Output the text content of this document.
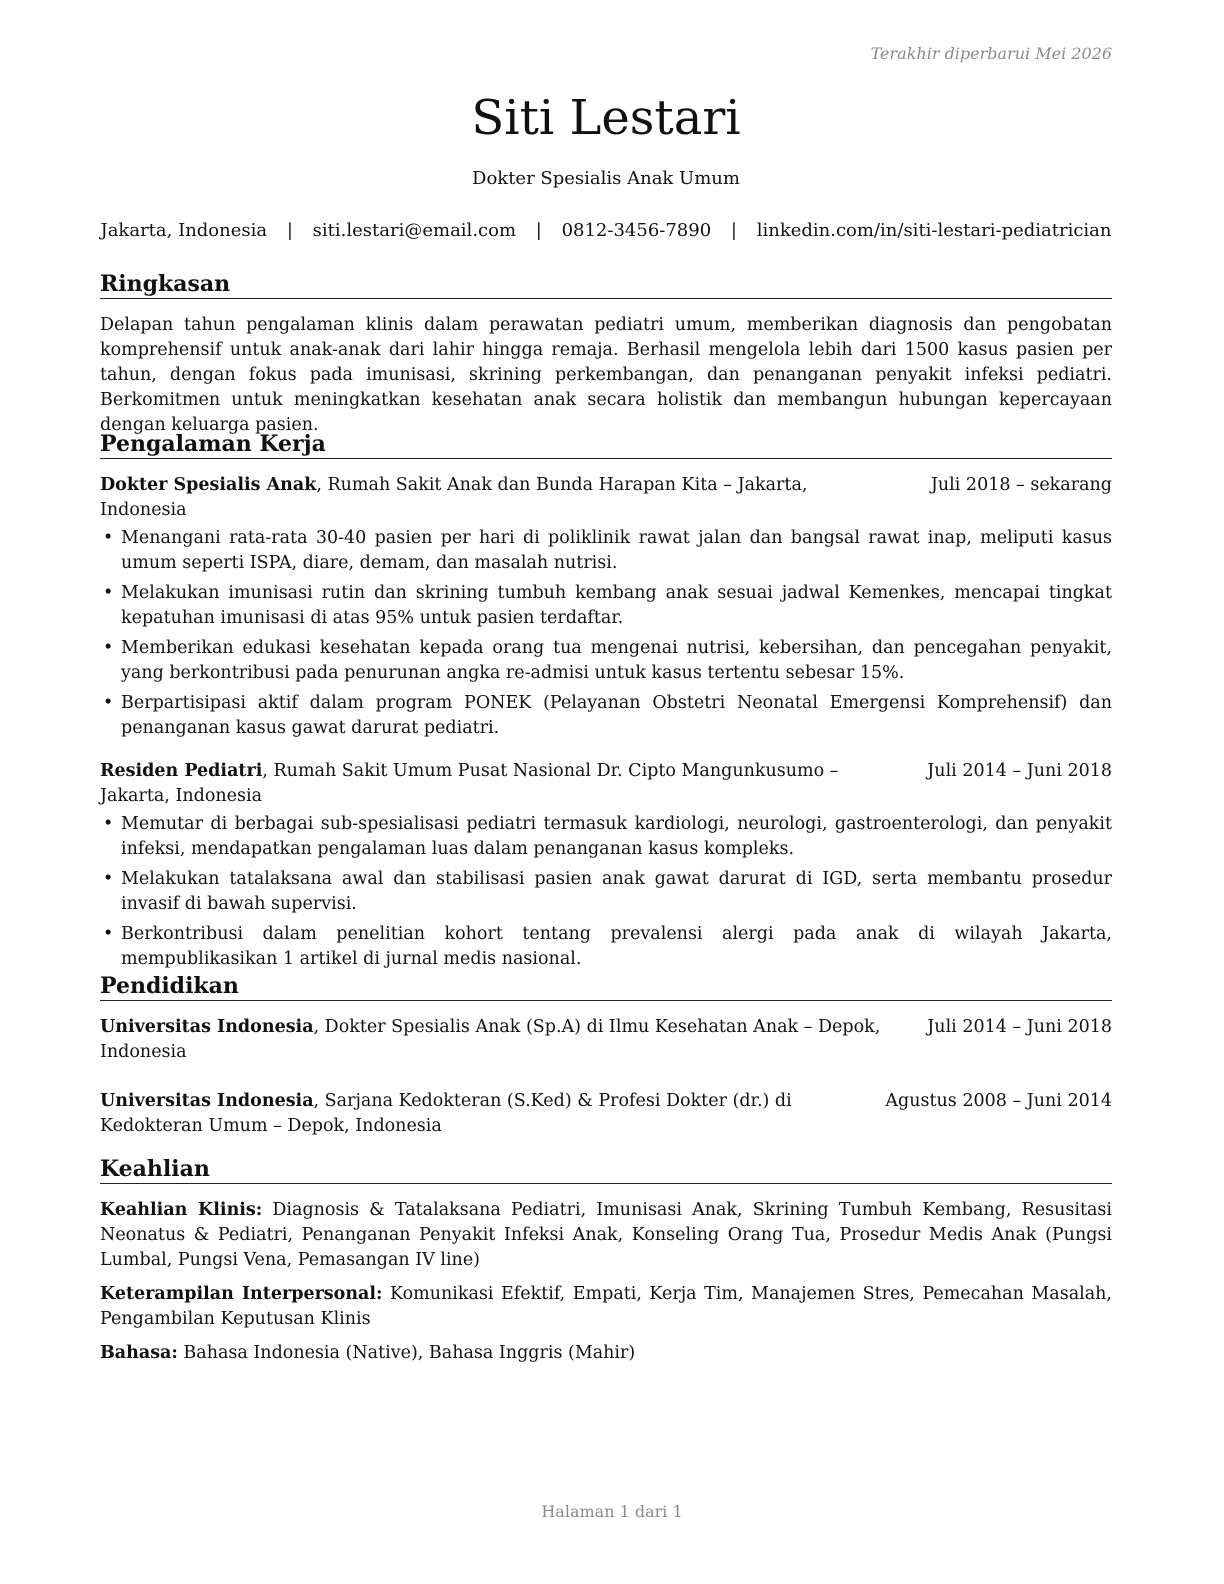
Terakhir diperbarui Mei 2026
Siti Lestari
Dokter Spesialis Anak Umum
Jakarta, Indonesia | siti.lestari@email.com | 0812-3456-7890 | linkedin.com/in/siti-lestari-pediatrician
Ringkasan

Delapan tahun pengalaman klinis dalam perawatan pediatri umum, memberikan diagnosis dan pengobatan komprehensif untuk anak-anak dari lahir hingga remaja. Berhasil mengelola lebih dari 1500 kasus pasien per tahun, dengan fokus pada imunisasi, skrining perkembangan, dan penanganan penyakit infeksi pediatri. Berkomitmen untuk meningkatkan kesehatan anak secara holistik dan membangun hubungan kepercayaan dengan keluarga pasien.

Pengalaman Kerja
Dokter Spesialis Anak, Rumah Sakit Anak dan Bunda Harapan Kita – Jakarta, Indonesia
Juli 2018 – sekarang
• Menangani rata-rata 30-40 pasien per hari di poliklinik rawat jalan dan bangsal rawat inap, meliputi kasus umum seperti ISPA, diare, demam, dan masalah nutrisi.
• Melakukan imunisasi rutin dan skrining tumbuh kembang anak sesuai jadwal Kemenkes, mencapai tingkat kepatuhan imunisasi di atas 95% untuk pasien terdaftar.
• Memberikan edukasi kesehatan kepada orang tua mengenai nutrisi, kebersihan, dan pencegahan penyakit, yang berkontribusi pada penurunan angka re-admisi untuk kasus tertentu sebesar 15%.
• Berpartisipasi aktif dalam program PONEK (Pelayanan Obstetri Neonatal Emergensi Komprehensif) dan penanganan kasus gawat darurat pediatri.
Residen Pediatri, Rumah Sakit Umum Pusat Nasional Dr. Cipto Mangunkusumo – Jakarta, Indonesia
Juli 2014 – Juni 2018
• Memutar di berbagai sub-spesialisasi pediatri termasuk kardiologi, neurologi, gastroenterologi, dan penyakit infeksi, mendapatkan pengalaman luas dalam penanganan kasus kompleks.
• Melakukan tatalaksana awal dan stabilisasi pasien anak gawat darurat di IGD, serta membantu prosedur invasif di bawah supervisi.
• Berkontribusi dalam penelitian kohort tentang prevalensi alergi pada anak di wilayah Jakarta, mempublikasikan 1 artikel di jurnal medis nasional.
Pendidikan
Universitas Indonesia, Dokter Spesialis Anak (Sp.A) di Ilmu Kesehatan Anak – Depok, Indonesia
Juli 2014 – Juni 2018
Universitas Indonesia, Sarjana Kedokteran (S.Ked) & Profesi Dokter (dr.) di Kedokteran Umum – Depok, Indonesia
Agustus 2008 – Juni 2014
Keahlian

Keahlian Klinis: Diagnosis & Tatalaksana Pediatri, Imunisasi Anak, Skrining Tumbuh Kembang, Resusitasi Neonatus & Pediatri, Penanganan Penyakit Infeksi Anak, Konseling Orang Tua, Prosedur Medis Anak (Pungsi Lumbal, Pungsi Vena, Pemasangan IV line)

Keterampilan Interpersonal: Komunikasi Efektif, Empati, Kerja Tim, Manajemen Stres, Pemecahan Masalah, Pengambilan Keputusan Klinis

Bahasa: Bahasa Indonesia (Native), Bahasa Inggris (Mahir)

Halaman 1 dari 1
